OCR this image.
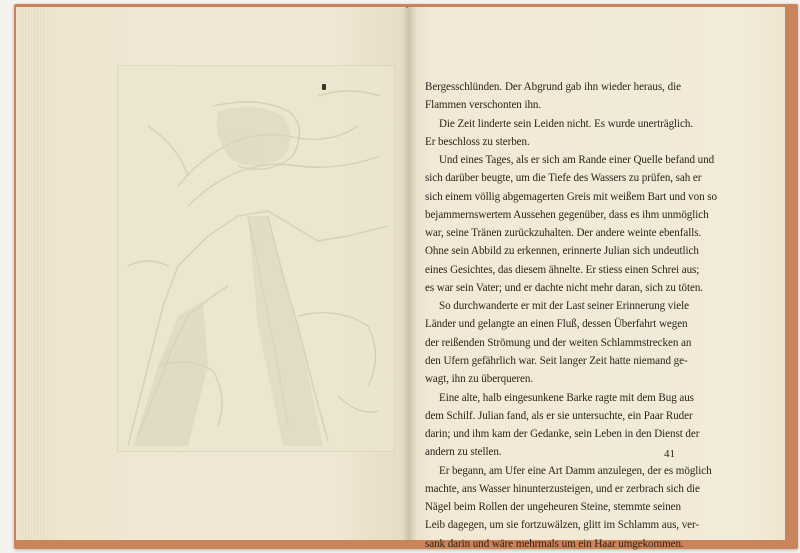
Bergesschlünden. Der Abgrund gab ihn wieder heraus, die
Flammen verschonten ihn.
Die Zeit linderte sein Leiden nicht. Es wurde unerträglich.
Er beschloss zu sterben.
Und eines Tages, als er sich am Rande einer Quelle befand und
sich darüber beugte, um die Tiefe des Wassers zu prüfen, sah er
sich einem völlig abgemagerten Greis mit weißem Bart und von so
bejammernswertem Aussehen gegenüber, dass es ihm unmöglich
war, seine Tränen zurückzuhalten. Der andere weinte ebenfalls.
Ohne sein Abbild zu erkennen, erinnerte Julian sich undeutlich
eines Gesichtes, das diesem ähnelte. Er stiess einen Schrei aus;
es war sein Vater; und er dachte nicht mehr daran, sich zu töten.
So durchwanderte er mit der Last seiner Erinnerung viele
Länder und gelangte an einen Fluß, dessen Überfahrt wegen
der reißenden Strömung und der weiten Schlammstrecken an
den Ufern gefährlich war. Seit langer Zeit hatte niemand ge-
wagt, ihn zu überqueren.
Eine alte, halb eingesunkene Barke ragte mit dem Bug aus
dem Schilf. Julian fand, als er sie untersuchte, ein Paar Ruder
darin; und ihm kam der Gedanke, sein Leben in den Dienst der
andern zu stellen.
Er begann, am Ufer eine Art Damm anzulegen, der es möglich
machte, ans Wasser hinunterzusteigen, und er zerbrach sich die
Nägel beim Rollen der ungeheuren Steine, stemmte seinen
Leib dagegen, um sie fortzuwälzen, glitt im Schlamm aus, ver-
sank darin und wäre mehrmals um ein Haar umgekommen.
41
